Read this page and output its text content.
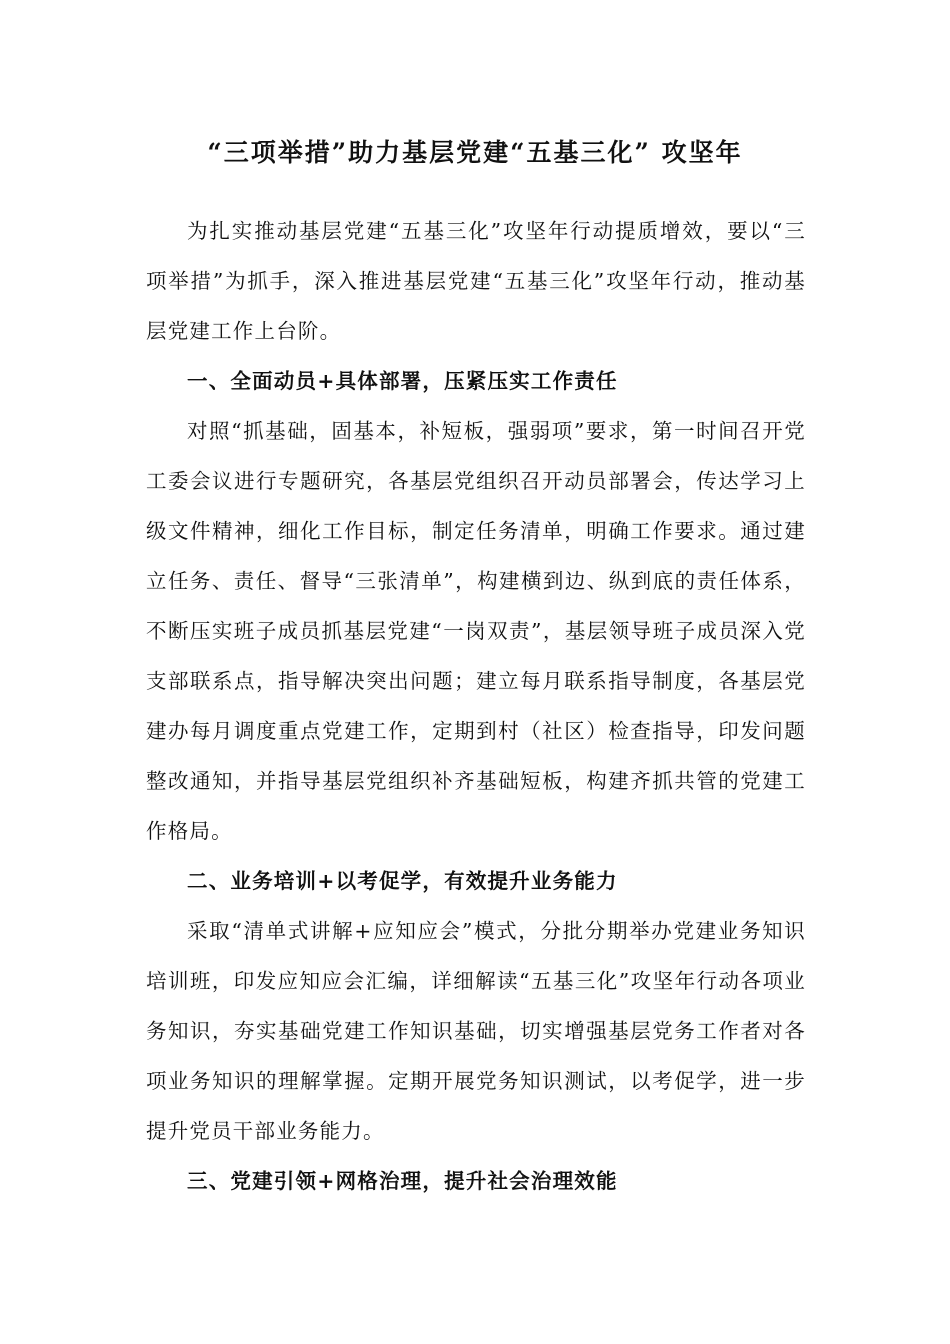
“三项举措”助力基层党建“五基三化” 攻坚年

为扎实推动基层党建“五基三化”攻坚年行动提质增效，要以“三项举措”为抓手，深入推进基层党建“五基三化”攻坚年行动，推动基层党建工作上台阶。

一、全面动员+具体部署，压紧压实工作责任

对照“抓基础，固基本，补短板，强弱项”要求，第一时间召开党工委会议进行专题研究，各基层党组织召开动员部署会，传达学习上级文件精神，细化工作目标，制定任务清单，明确工作要求。通过建立任务、责任、督导“三张清单”，构建横到边、纵到底的责任体系，不断压实班子成员抓基层党建“一岗双责”，基层领导班子成员深入党支部联系点，指导解决突出问题；建立每月联系指导制度，各基层党建办每月调度重点党建工作，定期到村（社区）检查指导，印发问题整改通知，并指导基层党组织补齐基础短板，构建齐抓共管的党建工作格局。

二、业务培训+以考促学，有效提升业务能力

采取“清单式讲解+应知应会”模式，分批分期举办党建业务知识培训班，印发应知应会汇编，详细解读“五基三化”攻坚年行动各项业务知识，夯实基础党建工作知识基础，切实增强基层党务工作者对各项业务知识的理解掌握。定期开展党务知识测试，以考促学，进一步提升党员干部业务能力。

三、党建引领+网格治理，提升社会治理效能
